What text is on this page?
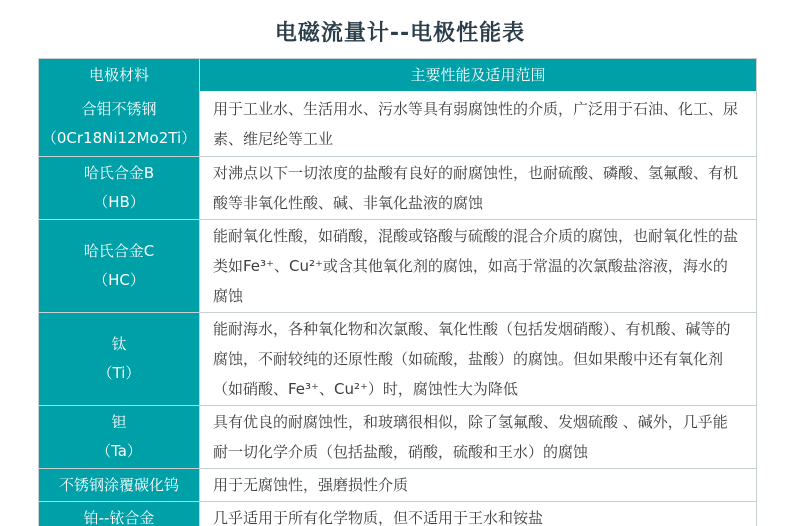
电磁流量计--电极性能表
电极材料	主要性能及适用范围
合钼不锈钢
（0Cr18Ni12Mo2Ti）
用于工业水、生活用水、污水等具有弱腐蚀性的介质，广泛用于石油、化工、尿素、维尼纶等工业
哈氏合金B
（HB）
对沸点以下一切浓度的盐酸有良好的耐腐蚀性，也耐硫酸、磷酸、氢氟酸、有机酸等非氧化性酸、碱、非氧化盐液的腐蚀
哈氏合金C
（HC）
能耐氧化性酸，如硝酸，混酸或铬酸与硫酸的混合介质的腐蚀，也耐氧化性的盐类如Fe³⁺、Cu²⁺或含其他氧化剂的腐蚀，如高于常温的次氯酸盐溶液，海水的腐蚀
钛
（Ti）
能耐海水，各种氧化物和次氯酸、氧化性酸（包括发烟硝酸）、有机酸、碱等的腐蚀，不耐较纯的还原性酸（如硫酸，盐酸）的腐蚀。但如果酸中还有氧化剂（如硝酸、Fe³⁺、Cu²⁺）时，腐蚀性大为降低
钽
（Ta）
具有优良的耐腐蚀性，和玻璃很相似，除了氢氟酸、发烟硫酸 、碱外，几乎能耐一切化学介质（包括盐酸，硝酸，硫酸和王水）的腐蚀
不锈钢涂覆碳化钨 用于无腐蚀性，强磨损性介质
铂--铱合金	几乎适用于所有化学物质，但不适用于王水和铵盐
